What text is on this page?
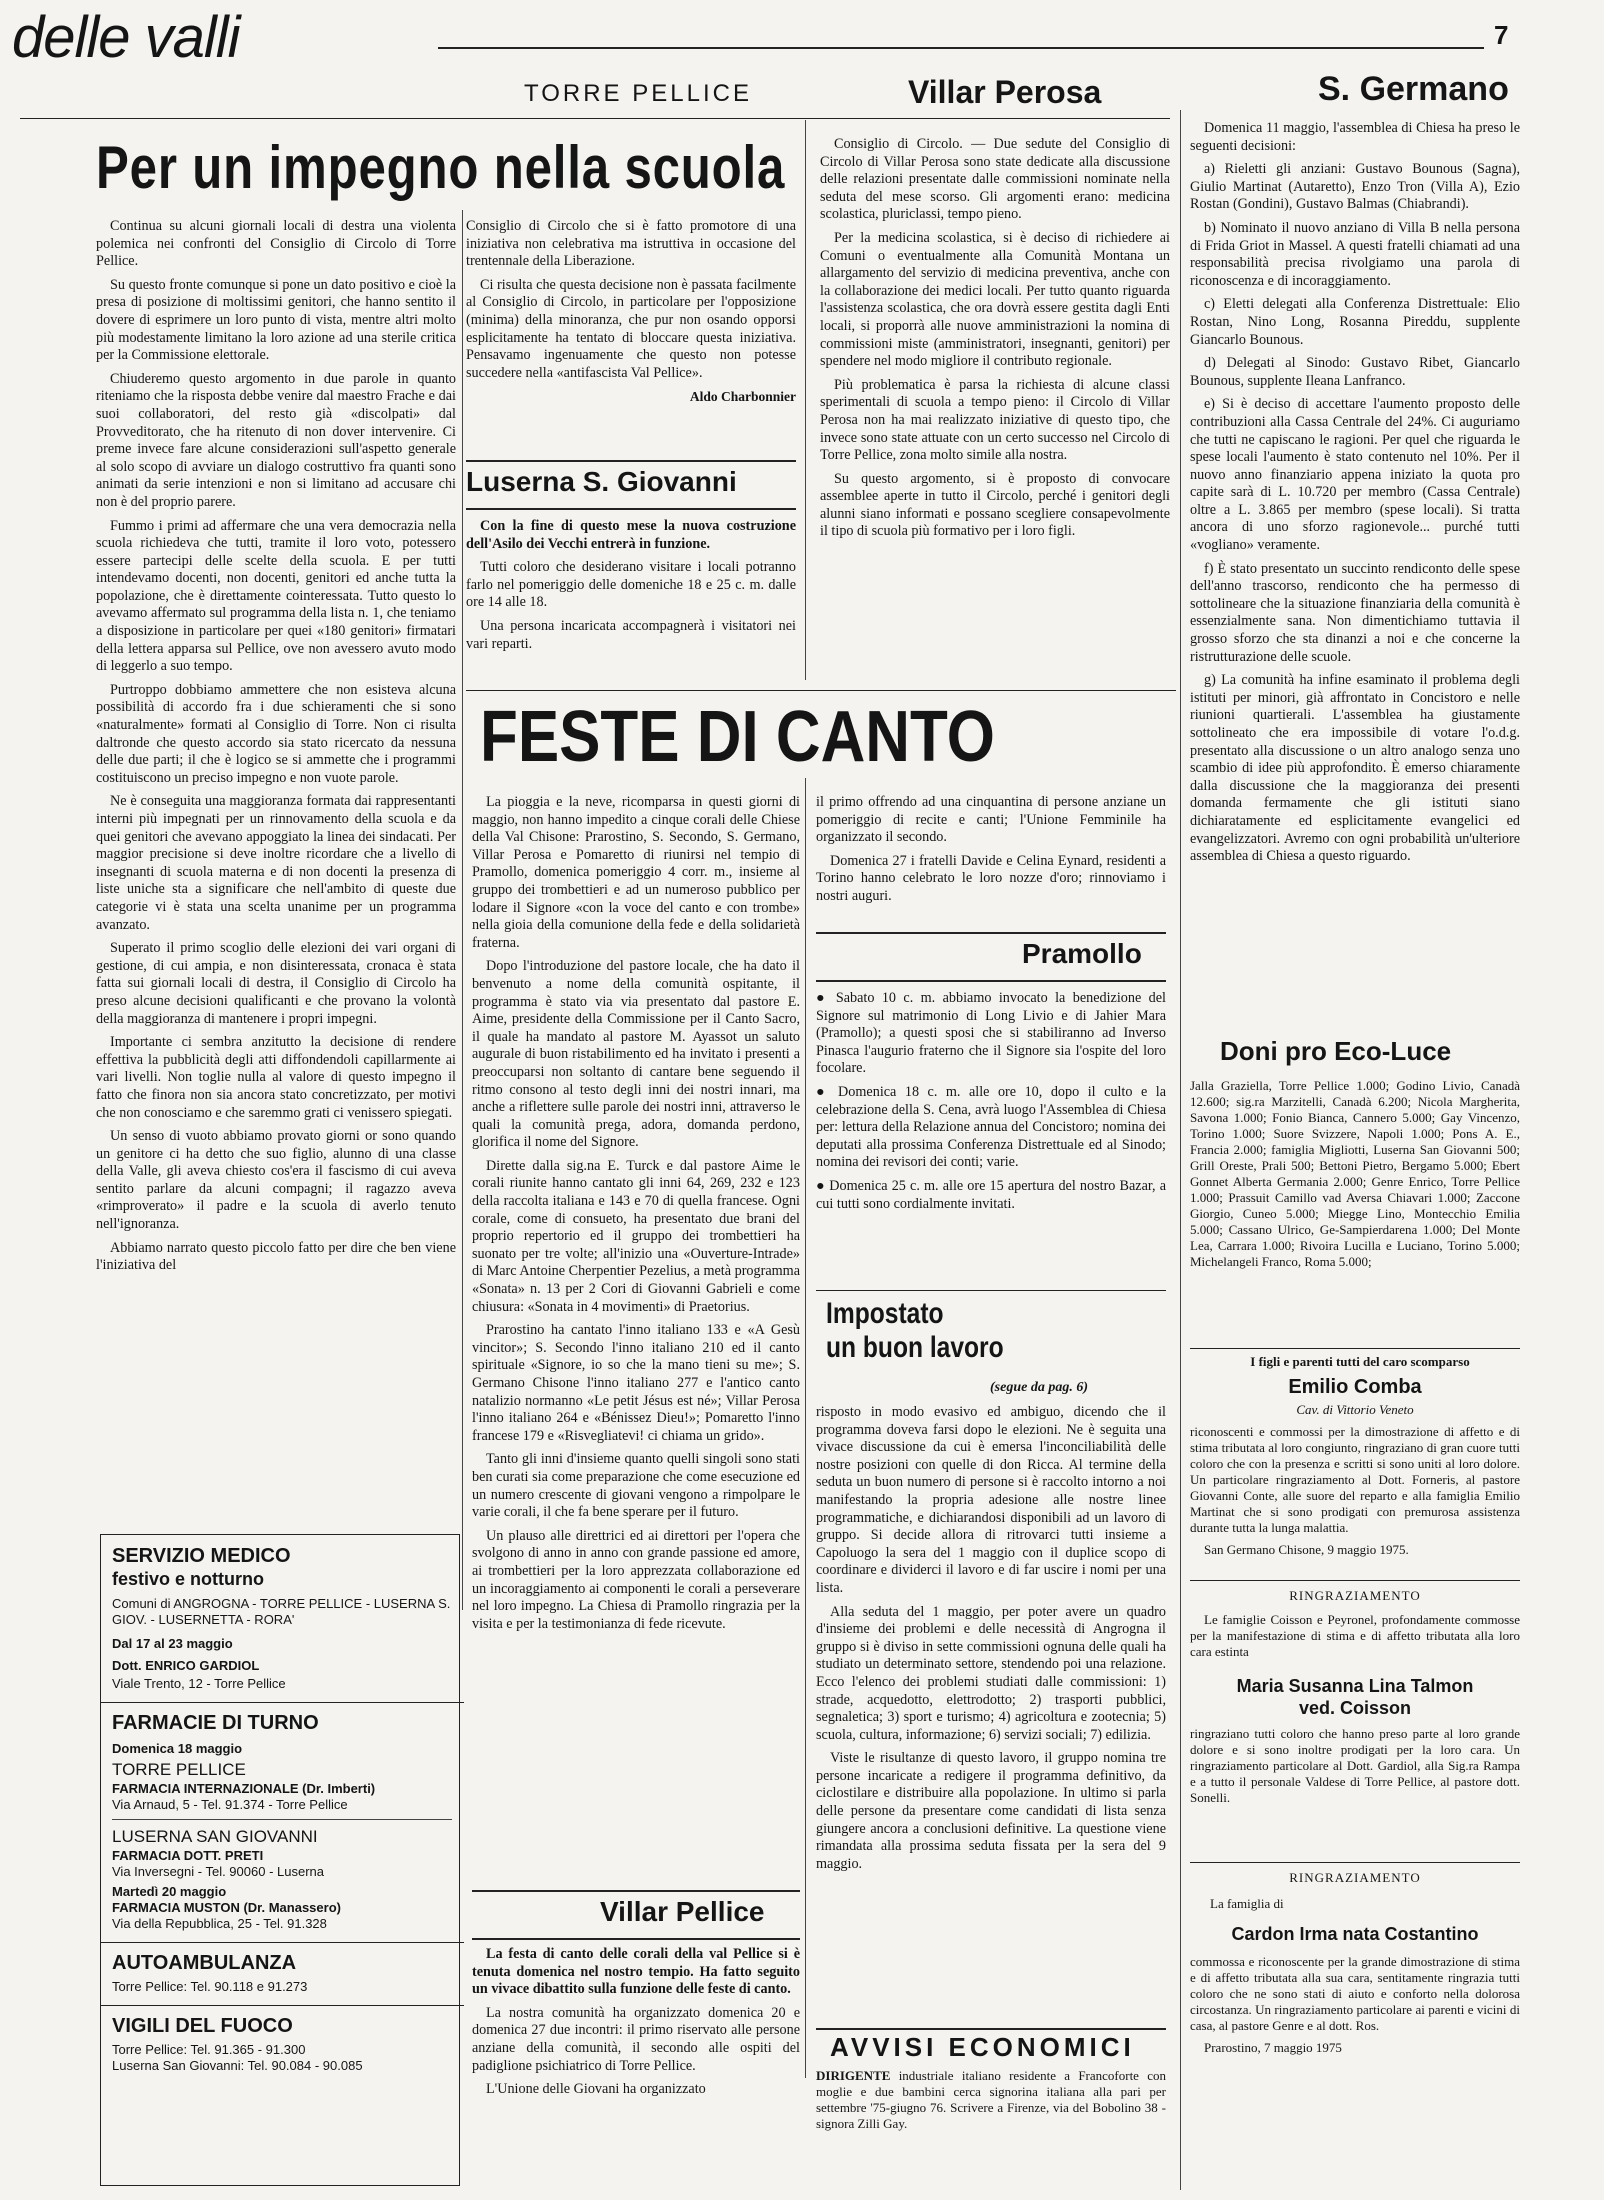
delle valli	7
TORRE PELLICE	Villar Perosa	S. Germano
Per un impegno nella scuola

Continua su alcuni giornali locali di destra una violenta polemica nei confronti del Consiglio di Circolo di Torre Pellice.

Su questo fronte comunque si pone un dato positivo e cioè la presa di posizione di moltissimi genitori, che hanno sentito il dovere di esprimere un loro punto di vista, mentre altri molto più modestamente limitano la loro azione ad una sterile critica per la Commissione elettorale.

Chiuderemo questo argomento in due parole in quanto riteniamo che la risposta debbe venire dal maestro Frache e dai suoi collaboratori, del resto già «discolpati» dal Provveditorato, che ha ritenuto di non dover intervenire. Ci preme invece fare alcune considerazioni sull'aspetto generale al solo scopo di avviare un dialogo costruttivo fra quanti sono animati da serie intenzioni e non si limitano ad accusare chi non è del proprio parere.

Fummo i primi ad affermare che una vera democrazia nella scuola richiedeva che tutti, tramite il loro voto, potessero essere partecipi delle scelte della scuola. E per tutti intendevamo docenti, non docenti, genitori ed anche tutta la popolazione, che è direttamente cointeressata. Tutto questo lo avevamo affermato sul programma della lista n. 1, che teniamo a disposizione in particolare per quei «180 genitori» firmatari della lettera apparsa sul Pellice, ove non avessero avuto modo di leggerlo a suo tempo.

Purtroppo dobbiamo ammettere che non esisteva alcuna possibilità di accordo fra i due schieramenti che si sono «naturalmente» formati al Consiglio di Torre. Non ci risulta daltronde che questo accordo sia stato ricercato da nessuna delle due parti; il che è logico se si ammette che i programmi costituiscono un preciso impegno e non vuote parole.

Ne è conseguita una maggioranza formata dai rappresentanti interni più impegnati per un rinnovamento della scuola e da quei genitori che avevano appoggiato la linea dei sindacati. Per maggior precisione si deve inoltre ricordare che a livello di insegnanti di scuola materna e di non docenti la presenza di liste uniche sta a significare che nell'ambito di queste due categorie vi è stata una scelta unanime per un programma avanzato.

Superato il primo scoglio delle elezioni dei vari organi di gestione, di cui ampia, e non disinteressata, cronaca è stata fatta sui giornali locali di destra, il Consiglio di Circolo ha preso alcune decisioni qualificanti e che provano la volontà della maggioranza di mantenere i propri impegni.

Importante ci sembra anzitutto la decisione di rendere effettiva la pubblicità degli atti diffondendoli capillarmente ai vari livelli. Non toglie nulla al valore di questo impegno il fatto che finora non sia ancora stato concretizzato, per motivi che non conosciamo e che saremmo grati ci venissero spiegati.

Un senso di vuoto abbiamo provato giorni or sono quando un genitore ci ha detto che suo figlio, alunno di una classe della Valle, gli aveva chiesto cos'era il fascismo di cui aveva sentito parlare da alcuni compagni; il ragazzo aveva «rimproverato» il padre e la scuola di averlo tenuto nell'ignoranza.

Abbiamo narrato questo piccolo fatto per dire che ben viene l'iniziativa del

Consiglio di Circolo che si è fatto promotore di una iniziativa non celebrativa ma istruttiva in occasione del trentennale della Liberazione.

Ci risulta che questa decisione non è passata facilmente al Consiglio di Circolo, in particolare per l'opposizione (minima) della minoranza, che pur non osando opporsi esplicitamente ha tentato di bloccare questa iniziativa. Pensavamo ingenuamente che questo non potesse succedere nella «antifascista Val Pellice».

Aldo Charbonnier
Luserna S. Giovanni

Con la fine di questo mese la nuova costruzione dell'Asilo dei Vecchi entrerà in funzione.

Tutti coloro che desiderano visitare i locali potranno farlo nel pomeriggio delle domeniche 18 e 25 c. m. dalle ore 14 alle 18.

Una persona incaricata accompagnerà i visitatori nei vari reparti.

Consiglio di Circolo. — Due sedute del Consiglio di Circolo di Villar Perosa sono state dedicate alla discussione delle relazioni presentate dalle commissioni nominate nella seduta del mese scorso. Gli argomenti erano: medicina scolastica, pluriclassi, tempo pieno.

Per la medicina scolastica, si è deciso di richiedere ai Comuni o eventualmente alla Comunità Montana un allargamento del servizio di medicina preventiva, anche con la collaborazione dei medici locali. Per tutto quanto riguarda l'assistenza scolastica, che ora dovrà essere gestita dagli Enti locali, si proporrà alle nuove amministrazioni la nomina di commissioni miste (amministratori, insegnanti, genitori) per spendere nel modo migliore il contributo regionale.

Più problematica è parsa la richiesta di alcune classi sperimentali di scuola a tempo pieno: il Circolo di Villar Perosa non ha mai realizzato iniziative di questo tipo, che invece sono state attuate con un certo successo nel Circolo di Torre Pellice, zona molto simile alla nostra.

Su questo argomento, si è proposto di convocare assemblee aperte in tutto il Circolo, perché i genitori degli alunni siano informati e possano scegliere consapevolmente il tipo di scuola più formativo per i loro figli.

Domenica 11 maggio, l'assemblea di Chiesa ha preso le seguenti decisioni:

a) Rieletti gli anziani: Gustavo Bounous (Sagna), Giulio Martinat (Autaretto), Enzo Tron (Villa A), Ezio Rostan (Gondini), Gustavo Balmas (Chiabrandi).

b) Nominato il nuovo anziano di Villa B nella persona di Frida Griot in Massel. A questi fratelli chiamati ad una responsabilità precisa rivolgiamo una parola di riconoscenza e di incoraggiamento.

c) Eletti delegati alla Conferenza Distrettuale: Elio Rostan, Nino Long, Rosanna Pireddu, supplente Giancarlo Bounous.

d) Delegati al Sinodo: Gustavo Ribet, Giancarlo Bounous, supplente Ileana Lanfranco.

e) Si è deciso di accettare l'aumento proposto delle contribuzioni alla Cassa Centrale del 24%. Ci auguriamo che tutti ne capiscano le ragioni. Per quel che riguarda le spese locali l'aumento è stato contenuto nel 10%. Per il nuovo anno finanziario appena iniziato la quota pro capite sarà di L. 10.720 per membro (Cassa Centrale) oltre a L. 3.865 per membro (spese locali). Si tratta ancora di uno sforzo ragionevole... purché tutti «vogliano» veramente.

f) È stato presentato un succinto rendiconto delle spese dell'anno trascorso, rendiconto che ha permesso di sottolineare che la situazione finanziaria della comunità è essenzialmente sana. Non dimentichiamo tuttavia il grosso sforzo che sta dinanzi a noi e che concerne la ristrutturazione delle scuole.

g) La comunità ha infine esaminato il problema degli istituti per minori, già affrontato in Concistoro e nelle riunioni quartierali. L'assemblea ha giustamente sottolineato che era impossibile di votare l'o.d.g. presentato alla discussione o un altro analogo senza uno scambio di idee più approfondito. È emerso chiaramente dalla discussione che la maggioranza dei presenti domanda fermamente che gli istituti siano dichiaratamente ed esplicitamente evangelici ed evangelizzatori. Avremo con ogni probabilità un'ulteriore assemblea di Chiesa a questo riguardo.

FESTE DI CANTO

La pioggia e la neve, ricomparsa in questi giorni di maggio, non hanno impedito a cinque corali delle Chiese della Val Chisone: Prarostino, S. Secondo, S. Germano, Villar Perosa e Pomaretto di riunirsi nel tempio di Pramollo, domenica pomeriggio 4 corr. m., insieme al gruppo dei trombettieri e ad un numeroso pubblico per lodare il Signore «con la voce del canto e con trombe» nella gioia della comunione della fede e della solidarietà fraterna.

Dopo l'introduzione del pastore locale, che ha dato il benvenuto a nome della comunità ospitante, il programma è stato via via presentato dal pastore E. Aime, presidente della Commissione per il Canto Sacro, il quale ha mandato al pastore M. Ayassot un saluto augurale di buon ristabilimento ed ha invitato i presenti a preoccuparsi non soltanto di cantare bene seguendo il ritmo consono al testo degli inni dei nostri innari, ma anche a riflettere sulle parole dei nostri inni, attraverso le quali la comunità prega, adora, domanda perdono, glorifica il nome del Signore.

Dirette dalla sig.na E. Turck e dal pastore Aime le corali riunite hanno cantato gli inni 64, 269, 232 e 123 della raccolta italiana e 143 e 70 di quella francese. Ogni corale, come di consueto, ha presentato due brani del proprio repertorio ed il gruppo dei trombettieri ha suonato per tre volte; all'inizio una «Ouverture-Intrade» di Marc Antoine Cherpentier Pezelius, a metà programma «Sonata» n. 13 per 2 Cori di Giovanni Gabrieli e come chiusura: «Sonata in 4 movimenti» di Praetorius.

Prarostino ha cantato l'inno italiano 133 e «A Gesù vincitor»; S. Secondo l'inno italiano 210 ed il canto spirituale «Signore, io so che la mano tieni su me»; S. Germano Chisone l'inno italiano 277 e l'antico canto natalizio normanno «Le petit Jésus est né»; Villar Perosa l'inno italiano 264 e «Bénissez Dieu!»; Pomaretto l'inno francese 179 e «Risvegliatevi! ci chiama un grido».

Tanto gli inni d'insieme quanto quelli singoli sono stati ben curati sia come preparazione che come esecuzione ed un numero crescente di giovani vengono a rimpolpare le varie corali, il che fa bene sperare per il futuro.

Un plauso alle direttrici ed ai direttori per l'opera che svolgono di anno in anno con grande passione ed amore, ai trombettieri per la loro apprezzata collaborazione ed un incoraggiamento ai componenti le corali a perseverare nel loro impegno. La Chiesa di Pramollo ringrazia per la visita e per la testimonianza di fede ricevute.

Villar Pellice

La festa di canto delle corali della val Pellice si è tenuta domenica nel nostro tempio. Ha fatto seguito un vivace dibattito sulla funzione delle feste di canto.

La nostra comunità ha organizzato domenica 20 e domenica 27 due incontri: il primo riservato alle persone anziane della comunità, il secondo alle ospiti del padiglione psichiatrico di Torre Pellice.

L'Unione delle Giovani ha organizzato

il primo offrendo ad una cinquantina di persone anziane un pomeriggio di recite e canti; l'Unione Femminile ha organizzato il secondo.

Domenica 27 i fratelli Davide e Celina Eynard, residenti a Torino hanno celebrato le loro nozze d'oro; rinnoviamo i nostri auguri.

Pramollo

● Sabato 10 c. m. abbiamo invocato la benedizione del Signore sul matrimonio di Long Livio e di Jahier Mara (Pramollo); a questi sposi che si stabiliranno ad Inverso Pinasca l'augurio fraterno che il Signore sia l'ospite del loro focolare.

● Domenica 18 c. m. alle ore 10, dopo il culto e la celebrazione della S. Cena, avrà luogo l'Assemblea di Chiesa per: lettura della Relazione annua del Concistoro; nomina dei deputati alla prossima Conferenza Distrettuale ed al Sinodo; nomina dei revisori dei conti; varie.

● Domenica 25 c. m. alle ore 15 apertura del nostro Bazar, a cui tutti sono cordialmente invitati.

Impostato
un buon lavoro
(segue da pag. 6)

risposto in modo evasivo ed ambiguo, dicendo che il programma doveva farsi dopo le elezioni. Ne è seguita una vivace discussione da cui è emersa l'inconciliabilità delle nostre posizioni con quelle di don Ricca. Al termine della seduta un buon numero di persone si è raccolto intorno a noi manifestando la propria adesione alle nostre linee programmatiche, e dichiarandosi disponibili ad un lavoro di gruppo. Si decide allora di ritrovarci tutti insieme a Capoluogo la sera del 1 maggio con il duplice scopo di coordinare e dividerci il lavoro e di far uscire i nomi per una lista.

Alla seduta del 1 maggio, per poter avere un quadro d'insieme dei problemi e delle necessità di Angrogna il gruppo si è diviso in sette commissioni ognuna delle quali ha studiato un determinato settore, stendendo poi una relazione. Ecco l'elenco dei problemi studiati dalle commissioni: 1) strade, acquedotto, elettrodotto; 2) trasporti pubblici, segnaletica; 3) sport e turismo; 4) agricoltura e zootecnia; 5) scuola, cultura, informazione; 6) servizi sociali; 7) edilizia.

Viste le risultanze di questo lavoro, il gruppo nomina tre persone incaricate a redigere il programma definitivo, da ciclostilare e distribuire alla popolazione. In ultimo si parla delle persone da presentare come candidati di lista senza giungere ancora a conclusioni definitive. La questione viene rimandata alla prossima seduta fissata per la sera del 9 maggio.

AVVISI ECONOMICI
DIRIGENTE industriale italiano residente a Francoforte con moglie e due bambini cerca signorina italiana alla pari per settembre '75-giugno 76. Scrivere a Firenze, via del Bobolino 38 - signora Zilli Gay.
Doni pro Eco-Luce
Jalla Graziella, Torre Pellice 1.000; Godino Livio, Canadà 12.600; sig.ra Marzitelli, Canadà 6.200; Nicola Margherita, Savona 1.000; Fonio Bianca, Cannero 5.000; Gay Vincenzo, Torino 1.000; Suore Svizzere, Napoli 1.000; Pons A. E., Francia 2.000; famiglia Migliotti, Luserna San Giovanni 500; Grill Oreste, Prali 500; Bettoni Pietro, Bergamo 5.000; Ebert Gonnet Alberta Germania 2.000; Genre Enrico, Torre Pellice 1.000; Prassuit Camillo vad Aversa Chiavari 1.000; Zaccone Giorgio, Cuneo 5.000; Miegge Lino, Montecchio Emilia 5.000; Cassano Ulrico, Ge-Sampierdarena 1.000; Del Monte Lea, Carrara 1.000; Rivoira Lucilla e Luciano, Torino 5.000; Michelangeli Franco, Roma 5.000;
I figli e parenti tutti del caro scomparso
Emilio Comba
Cav. di Vittorio Veneto

riconoscenti e commossi per la dimostrazione di affetto e di stima tributata al loro congiunto, ringraziano di gran cuore tutti coloro che con la presenza e scritti si sono uniti al loro dolore. Un particolare ringraziamento al Dott. Forneris, al pastore Giovanni Conte, alle suore del reparto e alla famiglia Emilio Martinat che si sono prodigati con premurosa assistenza durante tutta la lunga malattia.

San Germano Chisone, 9 maggio 1975.

RINGRAZIAMENTO

Le famiglie Coisson e Peyronel, profondamente commosse per la manifestazione di stima e di affetto tributata alla loro cara estinta

Maria Susanna Lina Talmon
ved. Coisson

ringraziano tutti coloro che hanno preso parte al loro grande dolore e si sono inoltre prodigati per la loro cara. Un ringraziamento particolare al Dott. Gardiol, alla Sig.ra Rampa e a tutto il personale Valdese di Torre Pellice, al pastore dott. Sonelli.

RINGRAZIAMENTO
La famiglia di
Cardon Irma nata Costantino

commossa e riconoscente per la grande dimostrazione di stima e di affetto tributata alla sua cara, sentitamente ringrazia tutti coloro che ne sono stati di aiuto e conforto nella dolorosa circostanza. Un ringraziamento particolare ai parenti e vicini di casa, al pastore Genre e al dott. Ros.

Prarostino, 7 maggio 1975

SERVIZIO MEDICO
festivo e notturno
Comuni di ANGROGNA - TORRE PELLICE - LUSERNA S. GIOV. - LUSERNETTA - RORA'
Dal 17 al 23 maggio
Dott. ENRICO GARDIOL
Viale Trento, 12 - Torre Pellice
FARMACIE DI TURNO
Domenica 18 maggio
TORRE PELLICE
FARMACIA INTERNAZIONALE (Dr. Imberti)
Via Arnaud, 5 - Tel. 91.374 - Torre Pellice
LUSERNA SAN GIOVANNI
FARMACIA DOTT. PRETI
Via Inversegni - Tel. 90060 - Luserna
Martedì 20 maggio
FARMACIA MUSTON (Dr. Manassero)
Via della Repubblica, 25 - Tel. 91.328
AUTOAMBULANZA
Torre Pellice: Tel. 90.118 e 91.273
VIGILI DEL FUOCO
Torre Pellice: Tel. 91.365 - 91.300
Luserna San Giovanni: Tel. 90.084 - 90.085
